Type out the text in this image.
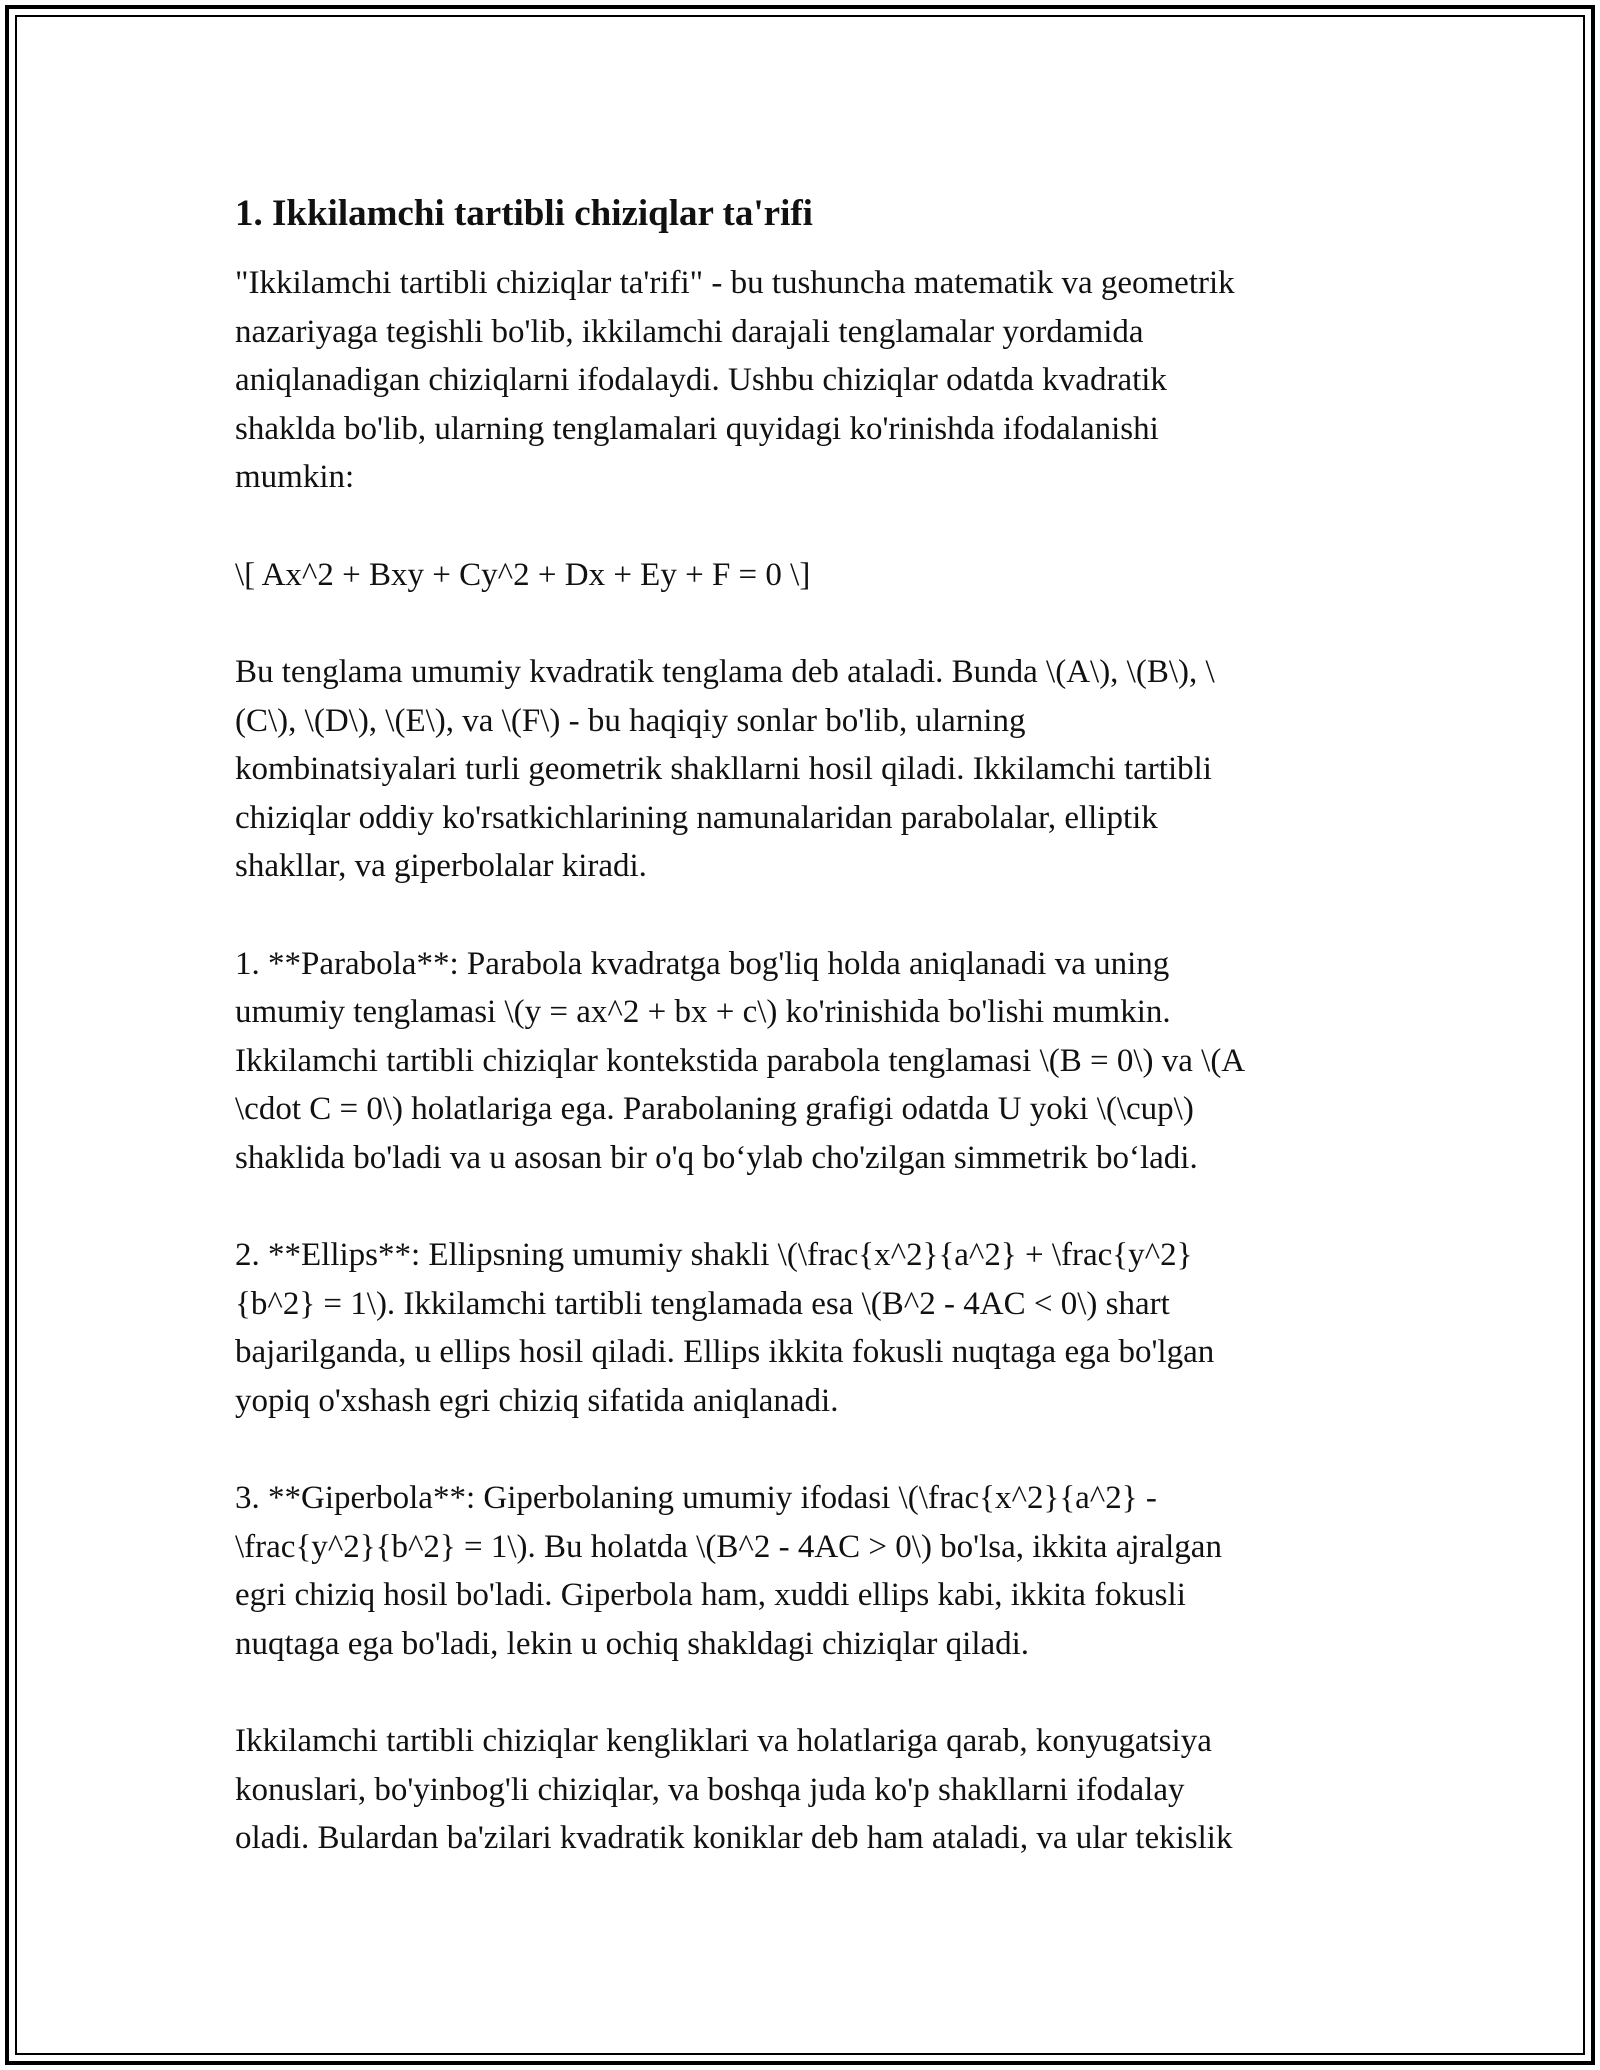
1. Ikkilamchi tartibli chiziqlar ta'rifi

"Ikkilamchi tartibli chiziqlar ta'rifi" - bu tushuncha matematik va geometrik
nazariyaga tegishli bo'lib, ikkilamchi darajali tenglamalar yordamida
aniqlanadigan chiziqlarni ifodalaydi. Ushbu chiziqlar odatda kvadratik
shaklda bo'lib, ularning tenglamalari quyidagi ko'rinishda ifodalanishi
mumkin:

\[ Ax^2 + Bxy + Cy^2 + Dx + Ey + F = 0 \]

Bu tenglama umumiy kvadratik tenglama deb ataladi. Bunda \(A\), \(B\), \
(C\), \(D\), \(E\), va \(F\) - bu haqiqiy sonlar bo'lib, ularning
kombinatsiyalari turli geometrik shakllarni hosil qiladi. Ikkilamchi tartibli
chiziqlar oddiy ko'rsatkichlarining namunalaridan parabolalar, elliptik
shakllar, va giperbolalar kiradi.

1. **Parabola**: Parabola kvadratga bog'liq holda aniqlanadi va uning
umumiy tenglamasi \(y = ax^2 + bx + c\) ko'rinishida bo'lishi mumkin.
Ikkilamchi tartibli chiziqlar kontekstida parabola tenglamasi \(B = 0\) va \(A
\cdot C = 0\) holatlariga ega. Parabolaning grafigi odatda U yoki \(\cup\)
shaklida bo'ladi va u asosan bir o'q bo‘ylab cho'zilgan simmetrik bo‘ladi.

2. **Ellips**: Ellipsning umumiy shakli \(\frac{x^2}{a^2} + \frac{y^2}
{b^2} = 1\). Ikkilamchi tartibli tenglamada esa \(B^2 - 4AC < 0\) shart
bajarilganda, u ellips hosil qiladi. Ellips ikkita fokusli nuqtaga ega bo'lgan
yopiq o'xshash egri chiziq sifatida aniqlanadi.

3. **Giperbola**: Giperbolaning umumiy ifodasi \(\frac{x^2}{a^2} -
\frac{y^2}{b^2} = 1\). Bu holatda \(B^2 - 4AC > 0\) bo'lsa, ikkita ajralgan
egri chiziq hosil bo'ladi. Giperbola ham, xuddi ellips kabi, ikkita fokusli
nuqtaga ega bo'ladi, lekin u ochiq shakldagi chiziqlar qiladi.

Ikkilamchi tartibli chiziqlar kengliklari va holatlariga qarab, konyugatsiya
konuslari, bo'yinbog'li chiziqlar, va boshqa juda ko'p shakllarni ifodalay
oladi. Bulardan ba'zilari kvadratik koniklar deb ham ataladi, va ular tekislik
